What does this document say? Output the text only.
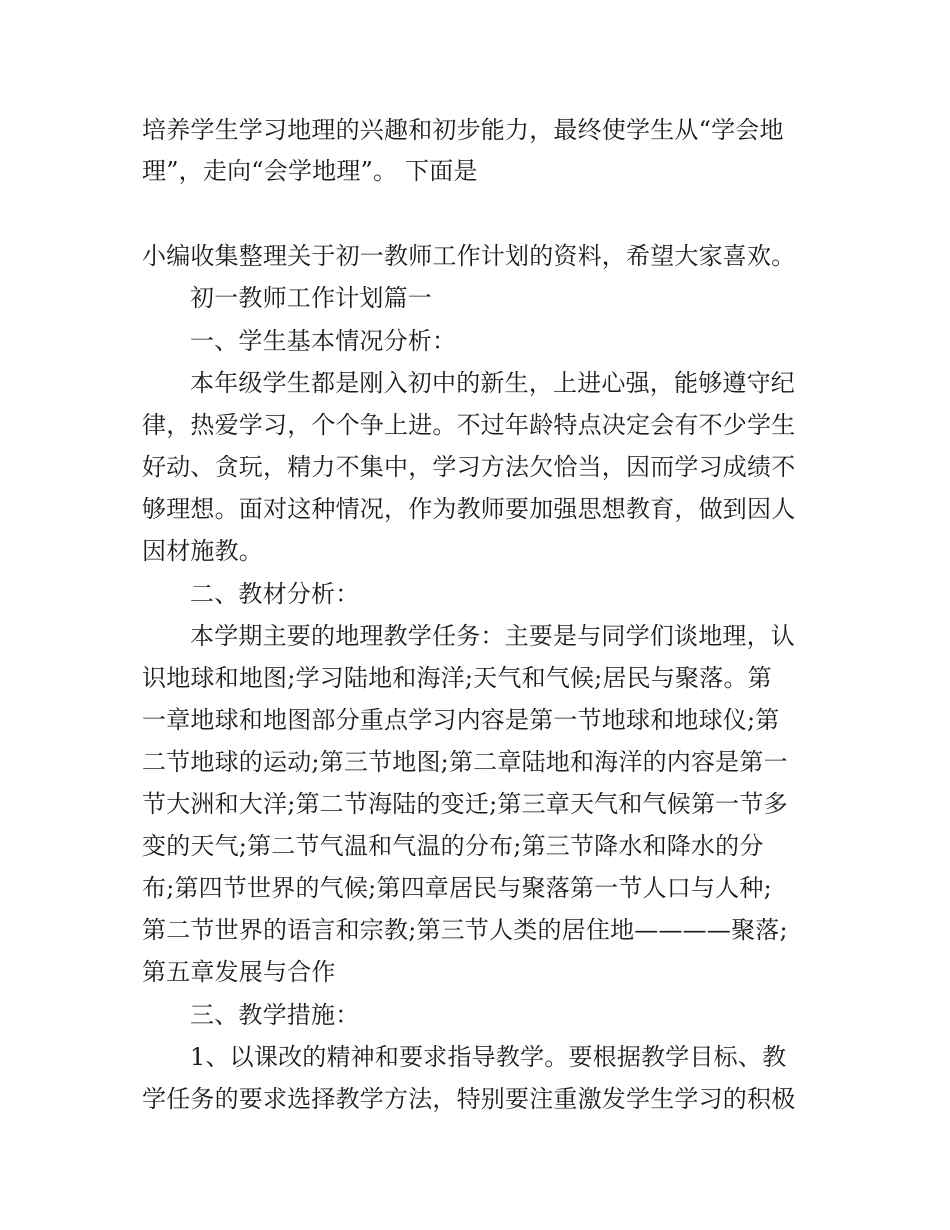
培养学生学习地理的兴趣和初步能力，最终使学生从“学会地
理”，走向“会学地理”。 下面是
小编收集整理关于初一教师工作计划的资料，希望大家喜欢。
初一教师工作计划篇一
一、学生基本情况分析：
本年级学生都是刚入初中的新生，上进心强，能够遵守纪
律，热爱学习，个个争上进。不过年龄特点决定会有不少学生
好动、贪玩，精力不集中，学习方法欠恰当，因而学习成绩不
够理想。面对这种情况，作为教师要加强思想教育，做到因人
因材施教。
二、教材分析：
本学期主要的地理教学任务：主要是与同学们谈地理，认
识地球和地图;学习陆地和海洋;天气和气候;居民与聚落。第
一章地球和地图部分重点学习内容是第一节地球和地球仪;第
二节地球的运动;第三节地图;第二章陆地和海洋的内容是第一
节大洲和大洋;第二节海陆的变迁;第三章天气和气候第一节多
变的天气;第二节气温和气温的分布;第三节降水和降水的分
布;第四节世界的气候;第四章居民与聚落第一节人口与人种;
第二节世界的语言和宗教;第三节人类的居住地————聚落;
第五章发展与合作
三、教学措施：
1、以课改的精神和要求指导教学。要根据教学目标、教
学任务的要求选择教学方法，特别要注重激发学生学习的积极
